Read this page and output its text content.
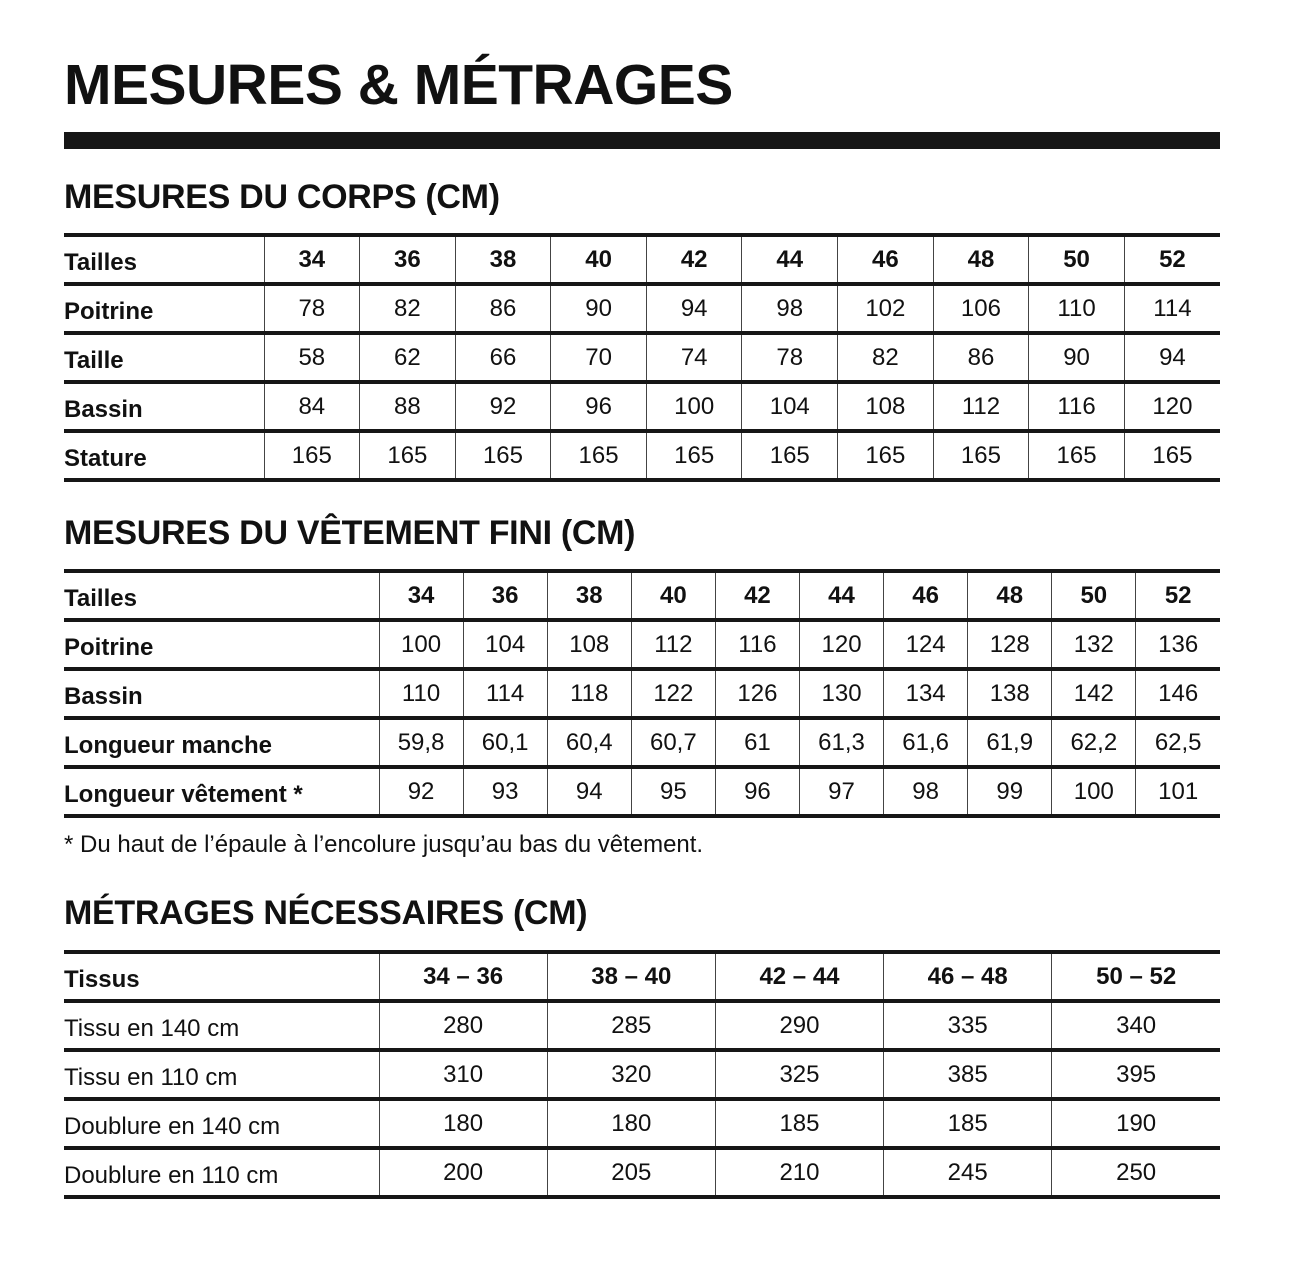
MESURES & MÉTRAGES
MESURES DU CORPS (CM)
Tailles	34	36	38	40	42	44	46	48	50	52
Poitrine	78	82	86	90	94	98	102	106	110	114
Taille	58	62	66	70	74	78	82	86	90	94
Bassin	84	88	92	96	100	104	108	112	116	120
Stature	165	165	165	165	165	165	165	165	165	165
MESURES DU VÊTEMENT FINI (CM)
Tailles	34	36	38	40	42	44	46	48	50	52
Poitrine	100	104	108	112	116	120	124	128	132	136
Bassin	110	114	118	122	126	130	134	138	142	146
Longueur manche	59,8	60,1	60,4	60,7	61	61,3	61,6	61,9	62,2	62,5
Longueur vêtement *	92	93	94	95	96	97	98	99	100	101

* Du haut de l’épaule à l’encolure jusqu’au bas du vêtement.

MÉTRAGES NÉCESSAIRES (CM)
Tissus	34 – 36	38 – 40	42 – 44	46 – 48	50 – 52
Tissu en 140 cm	280	285	290	335	340
Tissu en 110 cm	310	320	325	385	395
Doublure en 140 cm	180	180	185	185	190
Doublure en 110 cm	200	205	210	245	250
